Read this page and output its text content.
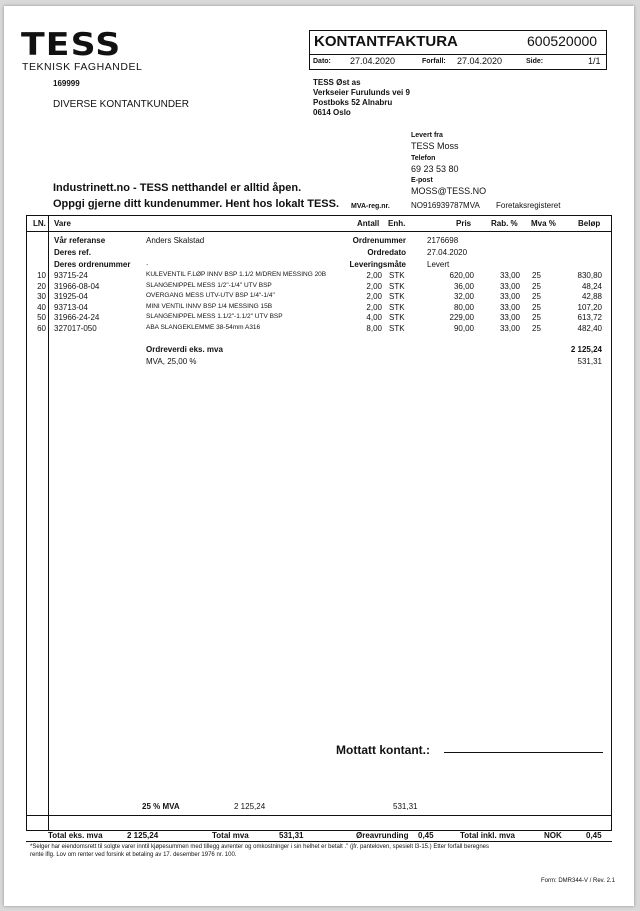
TESS
TEKNISK FAGHANDEL
KONTANTFAKTURA	600520000
Dato: 27.04.2020	Forfall: 27.04.2020	Side:	1/1
169999
DIVERSE KONTANTKUNDER
TESS Øst as
Verkseier Furulunds vei 9
Postboks 52 Alnabru
0614 Oslo
Levert fra
TESS Moss
Telefon
69 23 53 80
E-post
MOSS@TESS.NO
Industrinett.no - TESS netthandel er alltid åpen.
Oppgi gjerne ditt kundenummer. Hent hos lokalt TESS. MVA-reg.nr.	NO916939787MVA Foretaksregisteret
LN. Vare	Antall Enh.	Pris Rab. % Mva %	Beløp
Vår referanse	Anders Skalstad
Deres ref.
Deres ordrenummer .
Ordrenummer	2176698
Ordredato	27.04.2020
Leveringsmåte	Levert
10 93715-24	KULEVENTIL F.LØP INNV BSP 1.1/2 M/DREN MESSING 20B	2,00 STK	620,00	33,00 25	830,80
20 31966-08-04	SLANGENIPPEL MESS 1/2"-1/4" UTV BSP	2,00 STK	36,00	33,00 25	48,24
30 31925-04	OVERGANG MESS UTV-UTV BSP 1/4"-1/4"	2,00 STK	32,00	33,00 25	42,88
40 93713-04	MINI VENTIL INNV BSP 1/4 MESSING 15B	2,00 STK	80,00	33,00 25	107,20
50 31966-24-24	SLANGENIPPEL MESS 1.1/2"-1.1/2" UTV BSP	4,00 STK	229,00	33,00 25	613,72
60 327017-050	ABA SLANGEKLEMME 38-54mm A316	8,00 STK	90,00	33,00 25	482,40
Ordreverdi eks. mva	2 125,24
MVA, 25,00 %	531,31
Mottatt kontant.:
25 % MVA	2 125,24	531,31
Total eks. mva	2 125,24	Total mva	531,31	Øreavrunding 0,45	Total inkl. mva	NOK	0,45
*Selger har eiendomsrett til solgte varer inntil kjøpesummen med tillegg avrenter og omkostninger i sin helhet er betalt ." (jfr. panteloven, spesielt l3-15.) Etter forfall beregnes
rente iflg. Lov om renter ved forsink et betaling av 17. desember 1976 nr. 100.
Form: DMR344-V / Rev. 2.1
